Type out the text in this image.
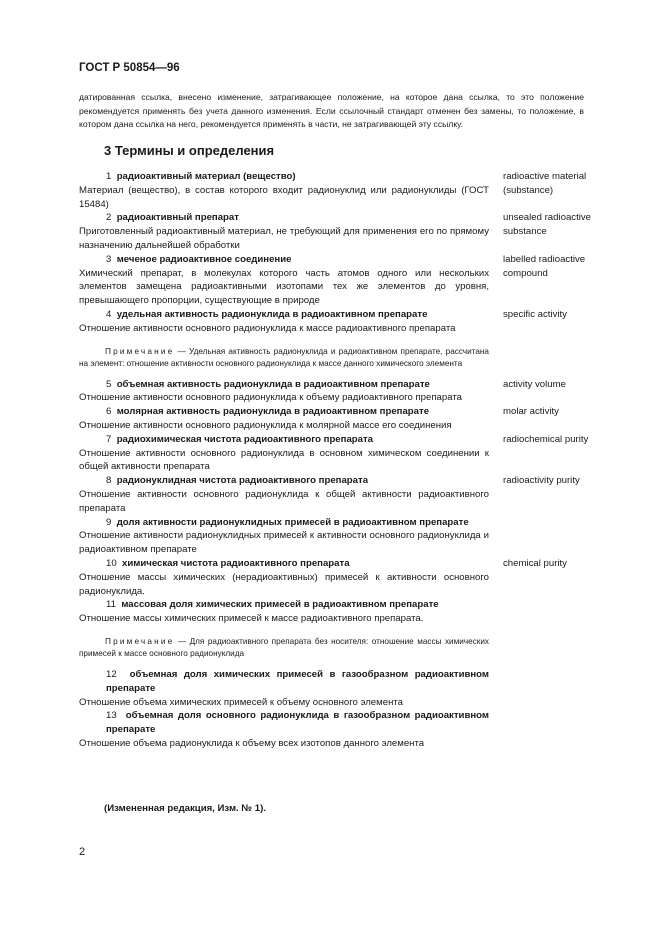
ГОСТ Р 50854—96
датированная ссылка, внесено изменение, затрагивающее положение, на которое дана ссылка, то это положение рекомендуется применять без учета данного изменения. Если ссылочный стандарт отменен без замены, то положение, в котором дана ссылка на него, рекомендуется применять в части, не затрагивающей эту ссылку.
3 Термины и определения
1 радиоактивный материал (вещество)
Материал (вещество), в состав которого входит радионуклид или радионуклиды (ГОСТ 15484)
radioactive material (substance)
2 радиоактивный препарат
Приготовленный радиоактивный материал, не требующий для применения его по прямому назначению дальнейшей обработки
unsealed radioactive substance
3 меченое радиоактивное соединение
Химический препарат, в молекулах которого часть атомов одного или нескольких элементов замещена радиоактивными изотопами тех же элементов до уровня, превышающего пропорции, существующие в природе
labelled radioactive compound
4 удельная активность радионуклида в радиоактивном препарате
Отношение активности основного радионуклида к массе радиоактивного препарата
specific activity
Примечание — Удельная активность радионуклида и радиоактивном препарате, рассчитана на элемент: отношение активности основного радионуклида к массе данного химического элемента
5 объемная активность радионуклида в радиоактивном препарате
Отношение активности основного радионуклида к объему радиоактивного препарата
activity volume
6 молярная активность радионуклида в радиоактивном препарате
Отношение активности основного радионуклида к молярной массе его соединения
molar activity
7 радиохимическая чистота радиоактивного препарата
Отношение активности основного радионуклида в основном химическом соединении к общей активности препарата
radiochemical purity
8 радионуклидная чистота радиоактивного препарата
Отношение активности основного радионуклида к общей активности радиоактивного препарата
radioactivity purity
9 доля активности радионуклидных примесей в радиоактивном препарате
Отношение активности радионуклидных примесей к активности основного радионуклида и радиоактивном препарате
10 химическая чистота радиоактивного препарата
Отношение массы химических (нерадиоактивных) примесей к активности основного радионуклида.
chemical purity
11 массовая доля химических примесей в радиоактивном препарате
Отношение массы химических примесей к массе радиоактивного препарата.
Примечание — Для радиоактивного препарата без носителя: отношение массы химических примесей к массе основного радионуклида
12 объемная доля химических примесей в газообразном радиоактивном препарате
Отношение объема химических примесей к объему основного элемента
13 объемная доля основного радионуклида в газообразном радиоактивном препарате
Отношение объема радионуклида к объему всех изотопов данного элемента
(Измененная редакция, Изм. № 1).
2
